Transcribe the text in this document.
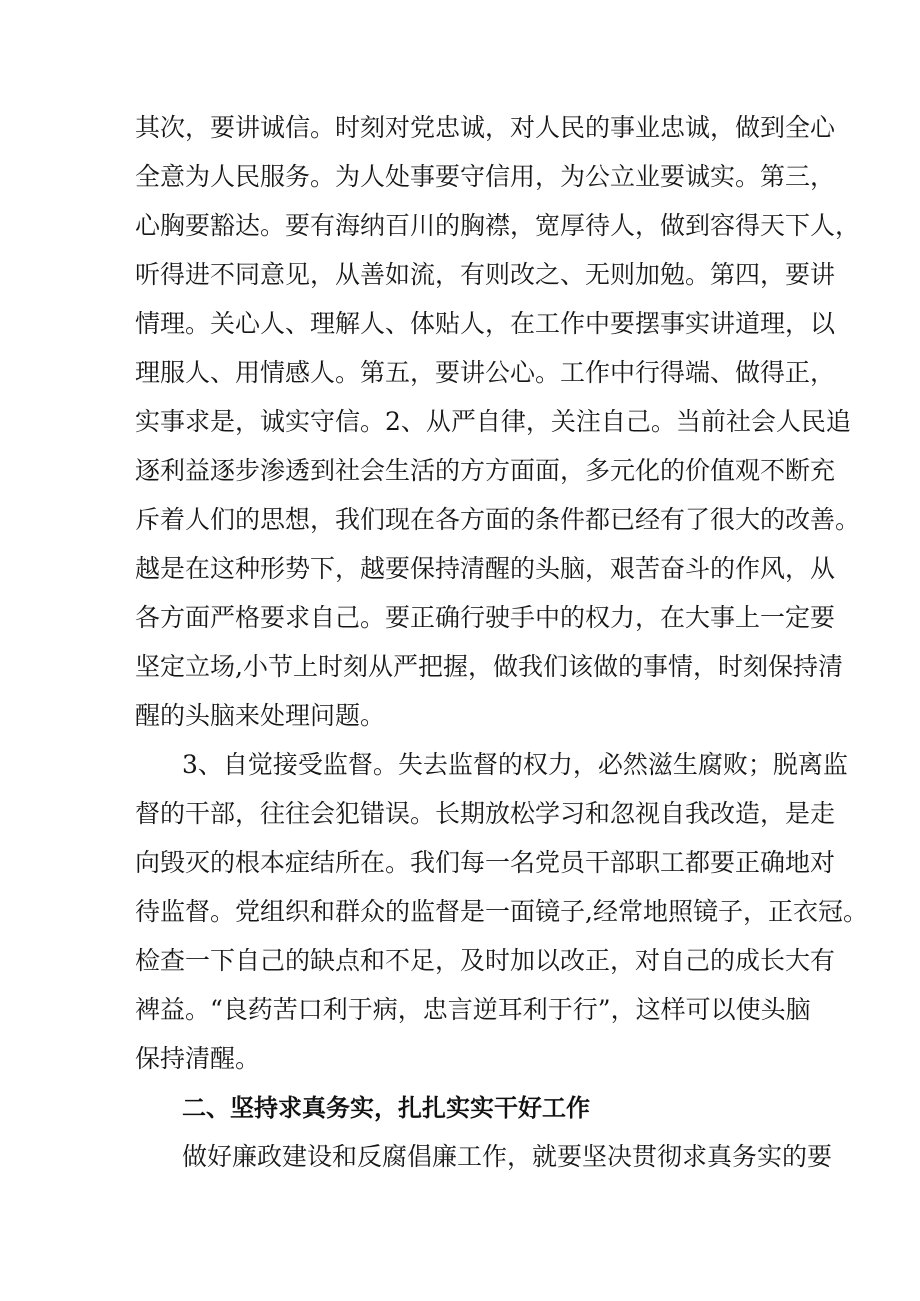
其次，要讲诚信。时刻对党忠诚，对人民的事业忠诚，做到全心
全意为人民服务。为人处事要守信用，为公立业要诚实。第三，
心胸要豁达。要有海纳百川的胸襟，宽厚待人，做到容得天下人，
听得进不同意见，从善如流，有则改之、无则加勉。第四，要讲
情理。关心人、理解人、体贴人，在工作中要摆事实讲道理，以
理服人、用情感人。第五，要讲公心。工作中行得端、做得正，
实事求是，诚实守信。2、从严自律，关注自己。当前社会人民追
逐利益逐步渗透到社会生活的方方面面，多元化的价值观不断充
斥着人们的思想，我们现在各方面的条件都已经有了很大的改善。
越是在这种形势下，越要保持清醒的头脑，艰苦奋斗的作风，从
各方面严格要求自己。要正确行驶手中的权力，在大事上一定要
坚定立场,小节上时刻从严把握，做我们该做的事情，时刻保持清
醒的头脑来处理问题。
3、自觉接受监督。失去监督的权力，必然滋生腐败；脱离监
督的干部，往往会犯错误。长期放松学习和忽视自我改造，是走
向毁灭的根本症结所在。我们每一名党员干部职工都要正确地对
待监督。党组织和群众的监督是一面镜子,经常地照镜子，正衣冠。
检查一下自己的缺点和不足，及时加以改正，对自己的成长大有
裨益。“良药苦口利于病，忠言逆耳利于行”，这样可以使头脑
保持清醒。
二、坚持求真务实，扎扎实实干好工作
做好廉政建设和反腐倡廉工作，就要坚决贯彻求真务实的要
